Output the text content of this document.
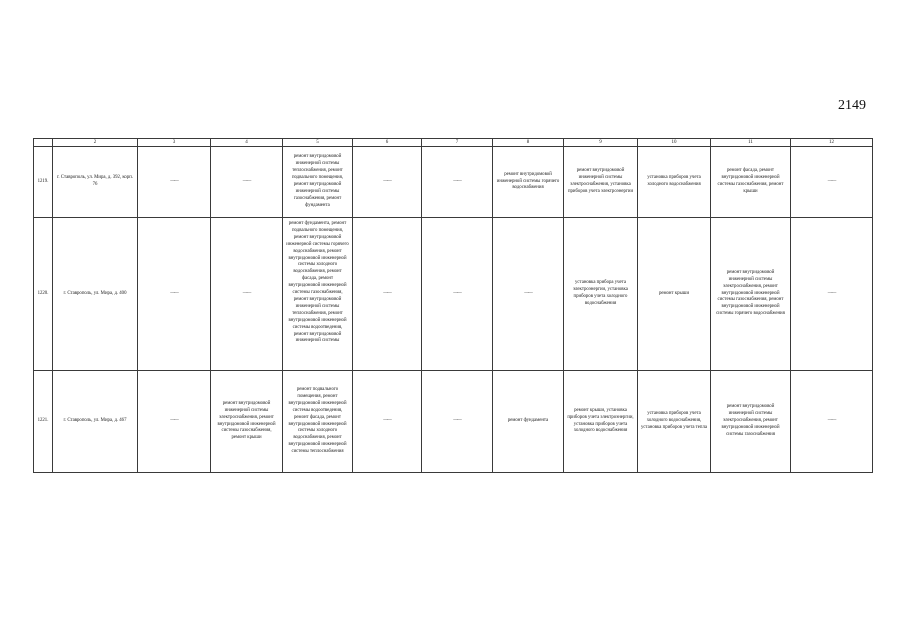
2149
	2	3	4	5	6	7	8	9	10	11	12
1219.	г. Ставрополь, ул. Мира, д. 392, корп. 76	——	——	ремонт внутридомовой инженерной системы теплоснабжения, ремонт подвального помещения, ремонт внутридомовой инженерной системы газоснабжения, ремонт фундамента	——	——	ремонт внутридомовой инженерной системы горячего водоснабжения	ремонт внутридомовой инженерной системы электроснабжения, установка приборов учета электроэнергии	установка приборов учета холодного водоснабжения	ремонт фасада, ремонт внутридомовой инженерной системы газоснабжения, ремонт крыши	——
1220.	г. Ставрополь, ул. Мира, д. 400	——	——	ремонт фундамента, ремонт подвального помещения, ремонт внутридомовой инженерной системы горячего водоснабжения, ремонт внутридомовой инженерной системы холодного водоснабжения, ремонт фасада, ремонт внутридомовой инженерной системы газоснабжения, ремонт внутридомовой инженерной системы теплоснабжения, ремонт внутридомовой инженерной системы водоотведения, ремонт внутридомовой инженерной системы	——	——	——	установка прибора учета электроэнергии, установка приборов учета холодного водоснабжения	ремонт крыши	ремонт внутридомовой инженерной системы электроснабжения, ремонт внутридомовой инженерной системы газоснабжения, ремонт внутридомовой инженерной системы горячего водоснабжения	——
1221.	г. Ставрополь, ул. Мира, д. 467	——	ремонт внутридомовой инженерной системы электроснабжения, ремонт внутридомовой инженерной системы газоснабжения, ремонт крыши	ремонт подвального помещения, ремонт внутридомовой инженерной системы водоотведения, ремонт фасада, ремонт внутридомовой инженерной системы холодного водоснабжения, ремонт внутридомовой инженерной системы теплоснабжения	——	——	ремонт фундамента	ремонт крыши, установка приборов учета электроэнергии, установка приборов учета холодного водоснабжения	установка приборов учета холодного водоснабжения, установка приборов учета тепла	ремонт внутридомовой инженерной системы электроснабжения, ремонт внутридомовой инженерной системы газоснабжения	——
